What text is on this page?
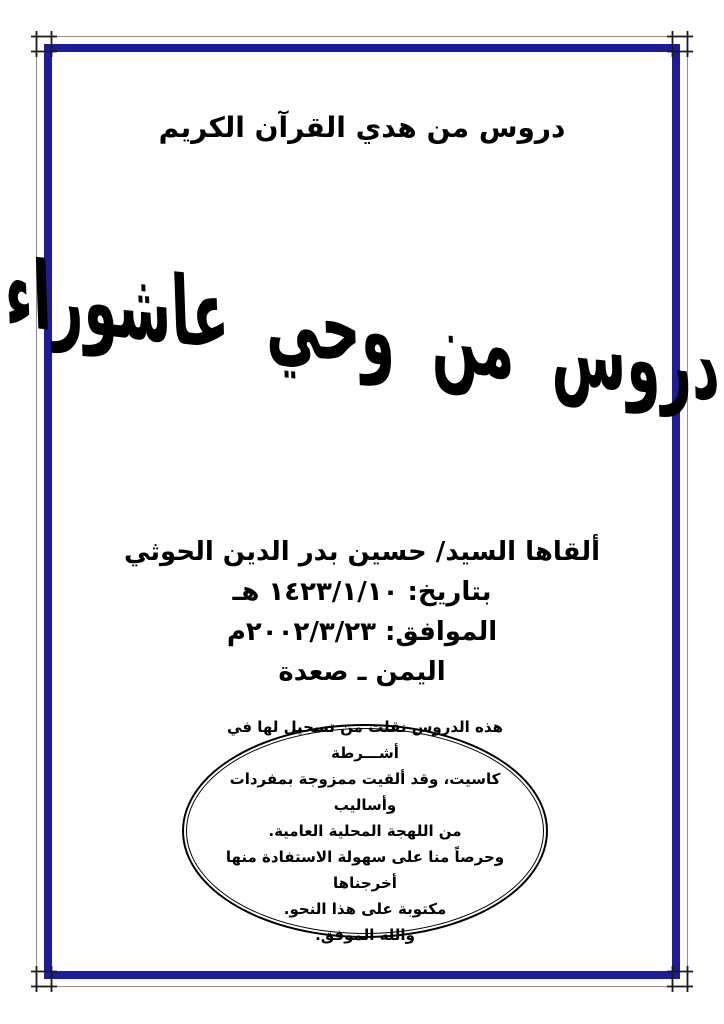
دروس من هدي القرآن الكريم
دروس من وحي عاشوراء
ألقاها السيد/ حسين بدر الدين الحوثي
بتاريخ: ١٤٢٣/١/١٠ هـ
الموافق: ٢٠٠٢/٣/٢٣م
اليمن ـ صعدة
هذه الدروس نقلت من تسجيل لها في أشـــرطة
كاسيت، وقد ألقيت ممزوجة بمفردات وأساليب
من اللهجة المحلية العامية.
وحرصاً منا على سهولة الاستفادة منها أخرجناها
مكتوبة على هذا النحو.
والله الموفق.
